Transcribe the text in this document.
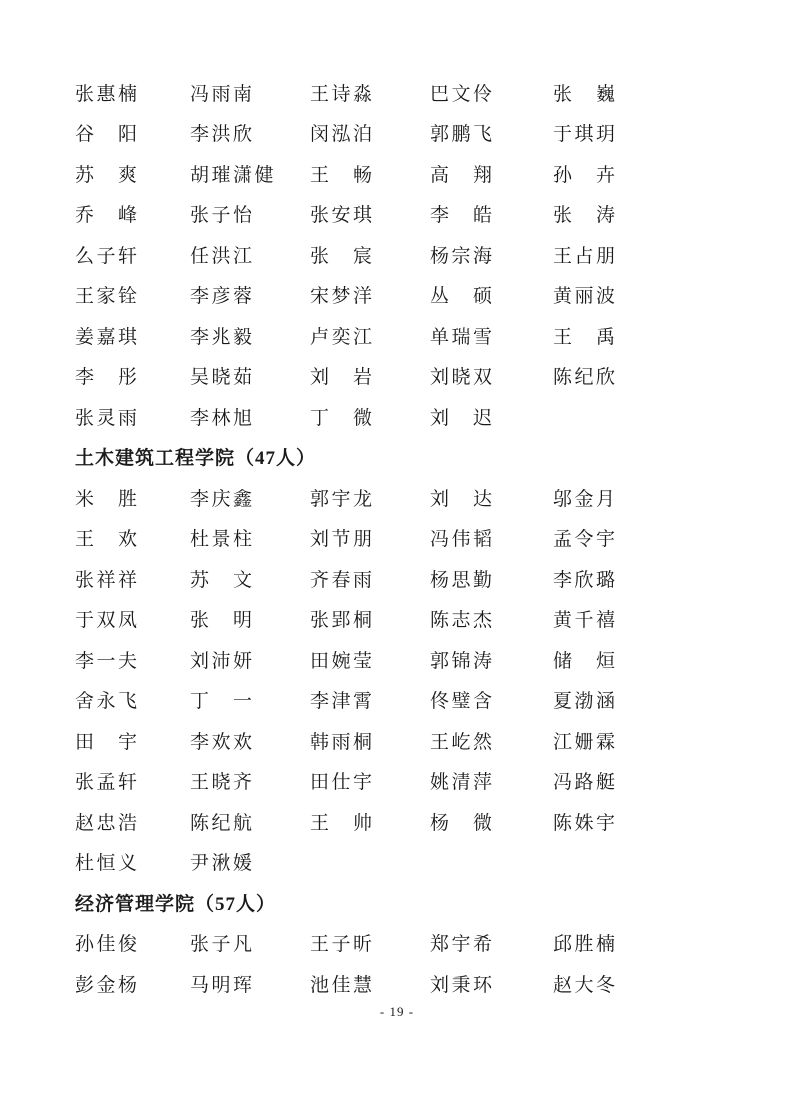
张惠楠	冯雨南	王诗淼	巴文伶	张　巍
谷　阳	李洪欣	闵泓泊	郭鹏飞	于琪玥
苏　爽	胡璀潇健	王　畅	高　翔	孙　卉
乔　峰	张子怡	张安琪	李　皓	张　涛
么子轩	任洪江	张　宸	杨宗海	王占朋
王家铨	李彦蓉	宋梦洋	丛　硕	黄丽波
姜嘉琪	李兆毅	卢奕江	单瑞雪	王　禹
李　彤	吴晓茹	刘　岩	刘晓双	陈纪欣
张灵雨	李林旭	丁　微	刘　迟
土木建筑工程学院（47人）
米　胜	李庆鑫	郭宇龙	刘　达	邬金月
王　欢	杜景柱	刘节朋	冯伟韬	孟令宇
张祥祥	苏　文	齐春雨	杨思勤	李欣璐
于双凤	张　明	张郢桐	陈志杰	黄千禧
李一夫	刘沛妍	田婉莹	郭锦涛	储　烜
舍永飞	丁　一	李津霄	佟璧含	夏渤涵
田　宇	李欢欢	韩雨桐	王屹然	江姗霖
张孟轩	王晓齐	田仕宇	姚清萍	冯路艇
赵忠浩	陈纪航	王　帅	杨　微	陈姝宇
杜恒义	尹湫媛
经济管理学院（57人）
孙佳俊	张子凡	王子昕	郑宇希	邱胜楠
彭金杨	马明珲	池佳慧	刘秉环	赵大冬
- 19 -
